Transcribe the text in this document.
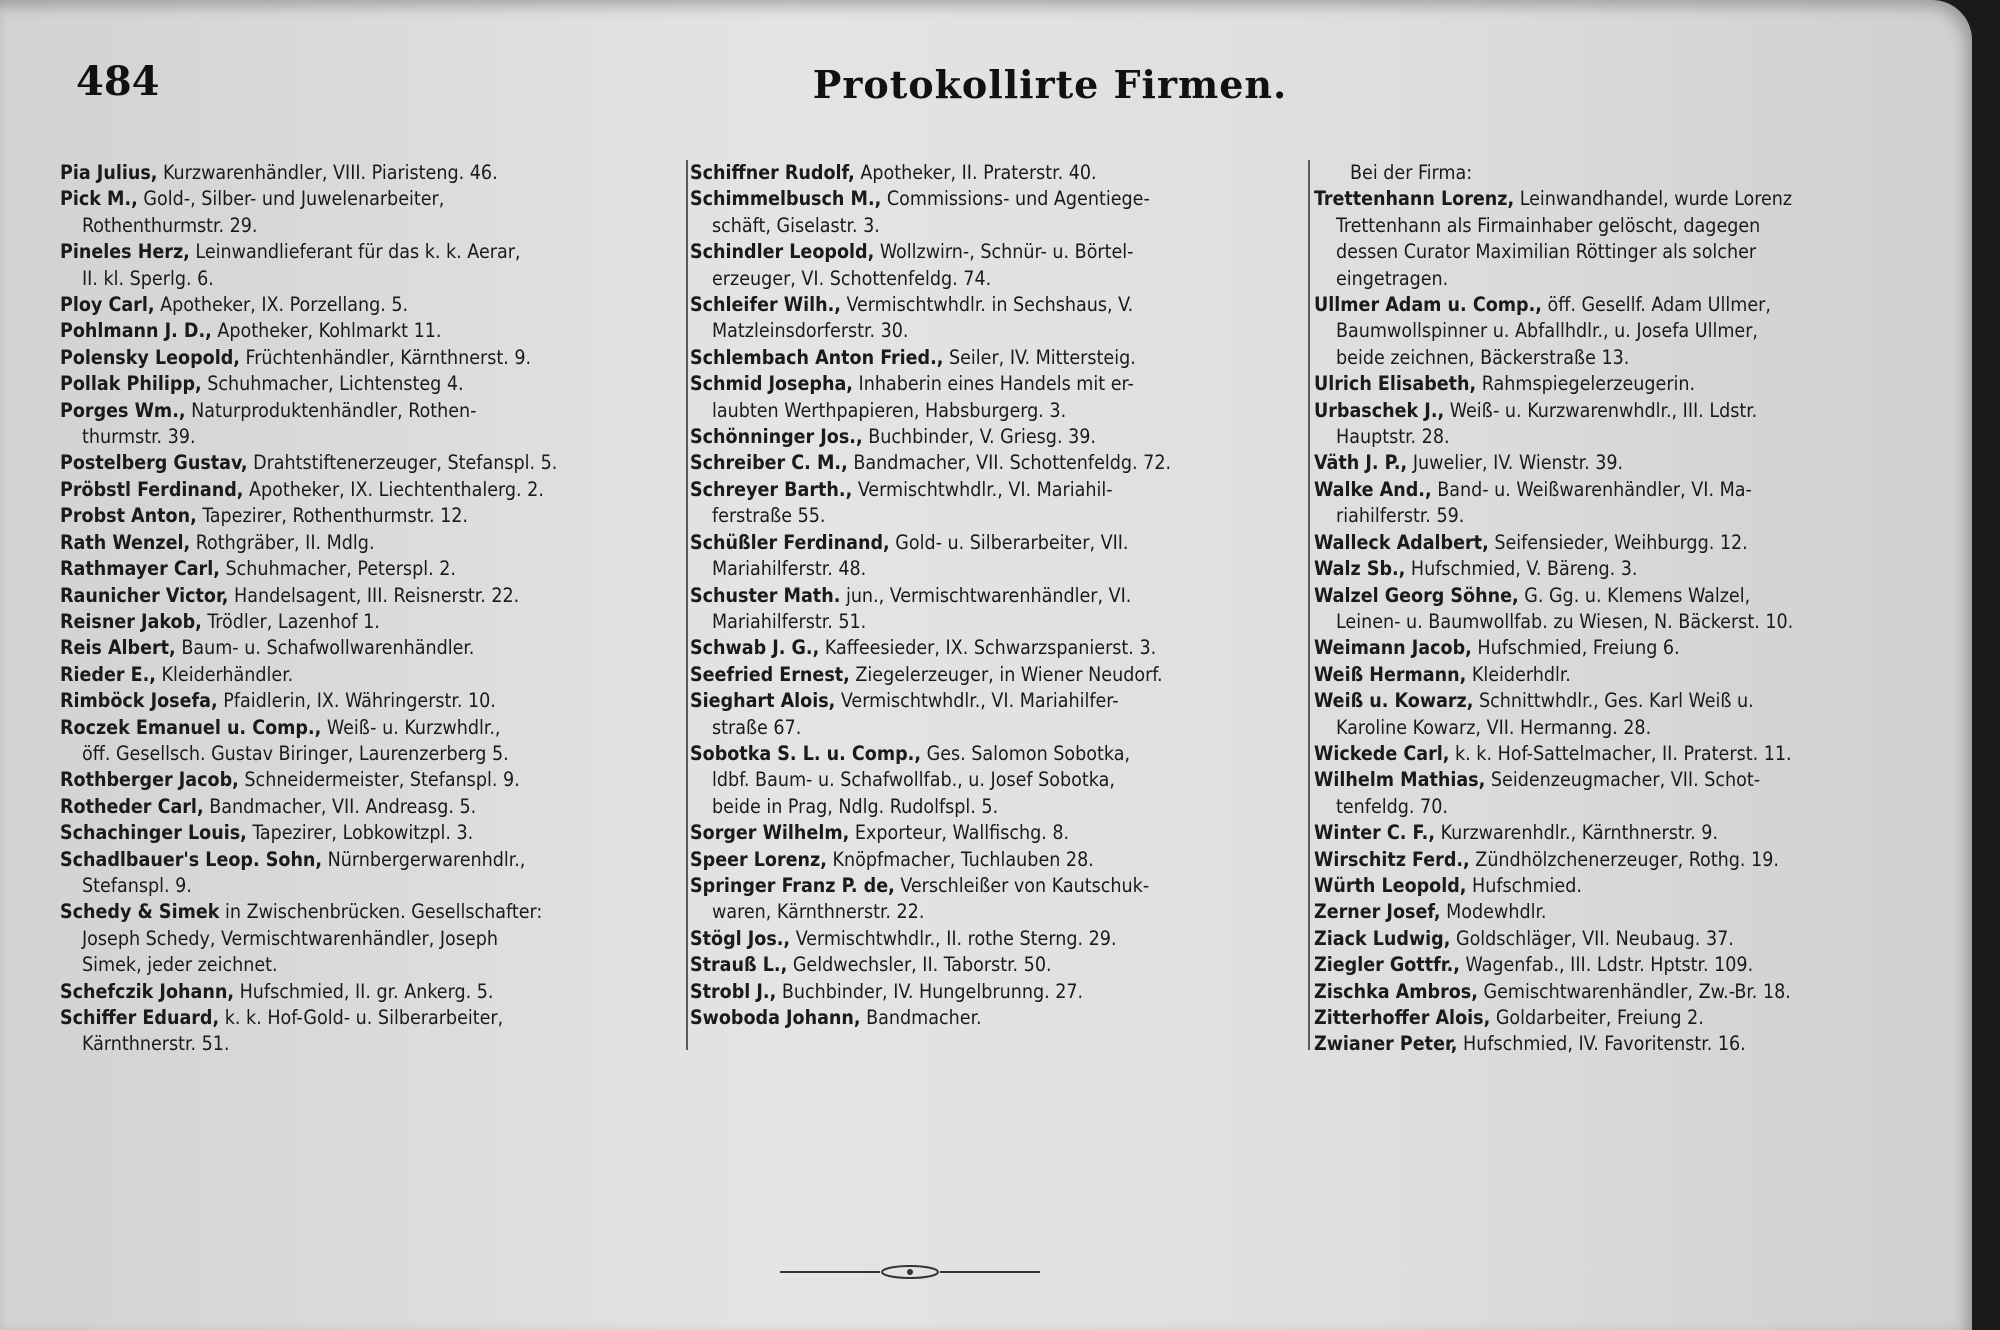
484	Protokollirte Firmen.
Pia Julius, Kurzwarenhändler, VIII. Piaristeng. 46.
Pick M., Gold-, Silber- und Juwelenarbeiter,
Rothenthurmstr. 29.
Pineles Herz, Leinwandlieferant für das k. k. Aerar,
II. kl. Sperlg. 6.
Ploy Carl, Apotheker, IX. Porzellang. 5.
Pohlmann J. D., Apotheker, Kohlmarkt 11.
Polensky Leopold, Früchtenhändler, Kärnthnerst. 9.
Pollak Philipp, Schuhmacher, Lichtensteg 4.
Porges Wm., Naturproduktenhändler, Rothen-
thurmstr. 39.
Postelberg Gustav, Drahtstiftenerzeuger, Stefanspl. 5.
Pröbstl Ferdinand, Apotheker, IX. Liechtenthalerg. 2.
Probst Anton, Tapezirer, Rothenthurmstr. 12.
Rath Wenzel, Rothgräber, II. Mdlg.
Rathmayer Carl, Schuhmacher, Peterspl. 2.
Raunicher Victor, Handelsagent, III. Reisnerstr. 22.
Reisner Jakob, Trödler, Lazenhof 1.
Reis Albert, Baum- u. Schafwollwarenhändler.
Rieder E., Kleiderhändler.
Rimböck Josefa, Pfaidlerin, IX. Währingerstr. 10.
Roczek Emanuel u. Comp., Weiß- u. Kurzwhdlr.,
öff. Gesellsch. Gustav Biringer, Laurenzerberg 5.
Rothberger Jacob, Schneidermeister, Stefanspl. 9.
Rotheder Carl, Bandmacher, VII. Andreasg. 5.
Schachinger Louis, Tapezirer, Lobkowitzpl. 3.
Schadlbauer's Leop. Sohn, Nürnbergerwarenhdlr.,
Stefanspl. 9.
Schedy & Simek in Zwischenbrücken. Gesellschafter:
Joseph Schedy, Vermischtwarenhändler, Joseph
Simek, jeder zeichnet.
Schefczik Johann, Hufschmied, II. gr. Ankerg. 5.
Schiffer Eduard, k. k. Hof-Gold- u. Silberarbeiter,
Kärnthnerstr. 51.
Schiffner Rudolf, Apotheker, II. Praterstr. 40.
Schimmelbusch M., Commissions- und Agentiege-
schäft, Giselastr. 3.
Schindler Leopold, Wollzwirn-, Schnür- u. Börtel-
erzeuger, VI. Schottenfeldg. 74.
Schleifer Wilh., Vermischtwhdlr. in Sechshaus, V.
Matzleinsdorferstr. 30.
Schlembach Anton Fried., Seiler, IV. Mittersteig.
Schmid Josepha, Inhaberin eines Handels mit er-
laubten Werthpapieren, Habsburgerg. 3.
Schönninger Jos., Buchbinder, V. Griesg. 39.
Schreiber C. M., Bandmacher, VII. Schottenfeldg. 72.
Schreyer Barth., Vermischtwhdlr., VI. Mariahil-
ferstraße 55.
Schüßler Ferdinand, Gold- u. Silberarbeiter, VII.
Mariahilferstr. 48.
Schuster Math. jun., Vermischtwarenhändler, VI.
Mariahilferstr. 51.
Schwab J. G., Kaffeesieder, IX. Schwarzspanierst. 3.
Seefried Ernest, Ziegelerzeuger, in Wiener Neudorf.
Sieghart Alois, Vermischtwhdlr., VI. Mariahilfer-
straße 67.
Sobotka S. L. u. Comp., Ges. Salomon Sobotka,
ldbf. Baum- u. Schafwollfab., u. Josef Sobotka,
beide in Prag, Ndlg. Rudolfspl. 5.
Sorger Wilhelm, Exporteur, Wallfischg. 8.
Speer Lorenz, Knöpfmacher, Tuchlauben 28.
Springer Franz P. de, Verschleißer von Kautschuk-
waren, Kärnthnerstr. 22.
Stögl Jos., Vermischtwhdlr., II. rothe Sterng. 29.
Strauß L., Geldwechsler, II. Taborstr. 50.
Strobl J., Buchbinder, IV. Hungelbrunng. 27.
Swoboda Johann, Bandmacher.
Bei der Firma:
Trettenhann Lorenz, Leinwandhandel, wurde Lorenz
Trettenhann als Firmainhaber gelöscht, dagegen
dessen Curator Maximilian Röttinger als solcher
eingetragen.
Ullmer Adam u. Comp., öff. Gesellf. Adam Ullmer,
Baumwollspinner u. Abfallhdlr., u. Josefa Ullmer,
beide zeichnen, Bäckerstraße 13.
Ulrich Elisabeth, Rahmspiegelerzeugerin.
Urbaschek J., Weiß- u. Kurzwarenwhdlr., III. Ldstr.
Hauptstr. 28.
Väth J. P., Juwelier, IV. Wienstr. 39.
Walke And., Band- u. Weißwarenhändler, VI. Ma-
riahilferstr. 59.
Walleck Adalbert, Seifensieder, Weihburgg. 12.
Walz Sb., Hufschmied, V. Bäreng. 3.
Walzel Georg Söhne, G. Gg. u. Klemens Walzel,
Leinen- u. Baumwollfab. zu Wiesen, N. Bäckerst. 10.
Weimann Jacob, Hufschmied, Freiung 6.
Weiß Hermann, Kleiderhdlr.
Weiß u. Kowarz, Schnittwhdlr., Ges. Karl Weiß u.
Karoline Kowarz, VII. Hermanng. 28.
Wickede Carl, k. k. Hof-Sattelmacher, II. Praterst. 11.
Wilhelm Mathias, Seidenzeugmacher, VII. Schot-
tenfeldg. 70.
Winter C. F., Kurzwarenhdlr., Kärnthnerstr. 9.
Wirschitz Ferd., Zündhölzchenerzeuger, Rothg. 19.
Würth Leopold, Hufschmied.
Zerner Josef, Modewhdlr.
Ziack Ludwig, Goldschläger, VII. Neubaug. 37.
Ziegler Gottfr., Wagenfab., III. Ldstr. Hptstr. 109.
Zischka Ambros, Gemischtwarenhändler, Zw.-Br. 18.
Zitterhoffer Alois, Goldarbeiter, Freiung 2.
Zwianer Peter, Hufschmied, IV. Favoritenstr. 16.
